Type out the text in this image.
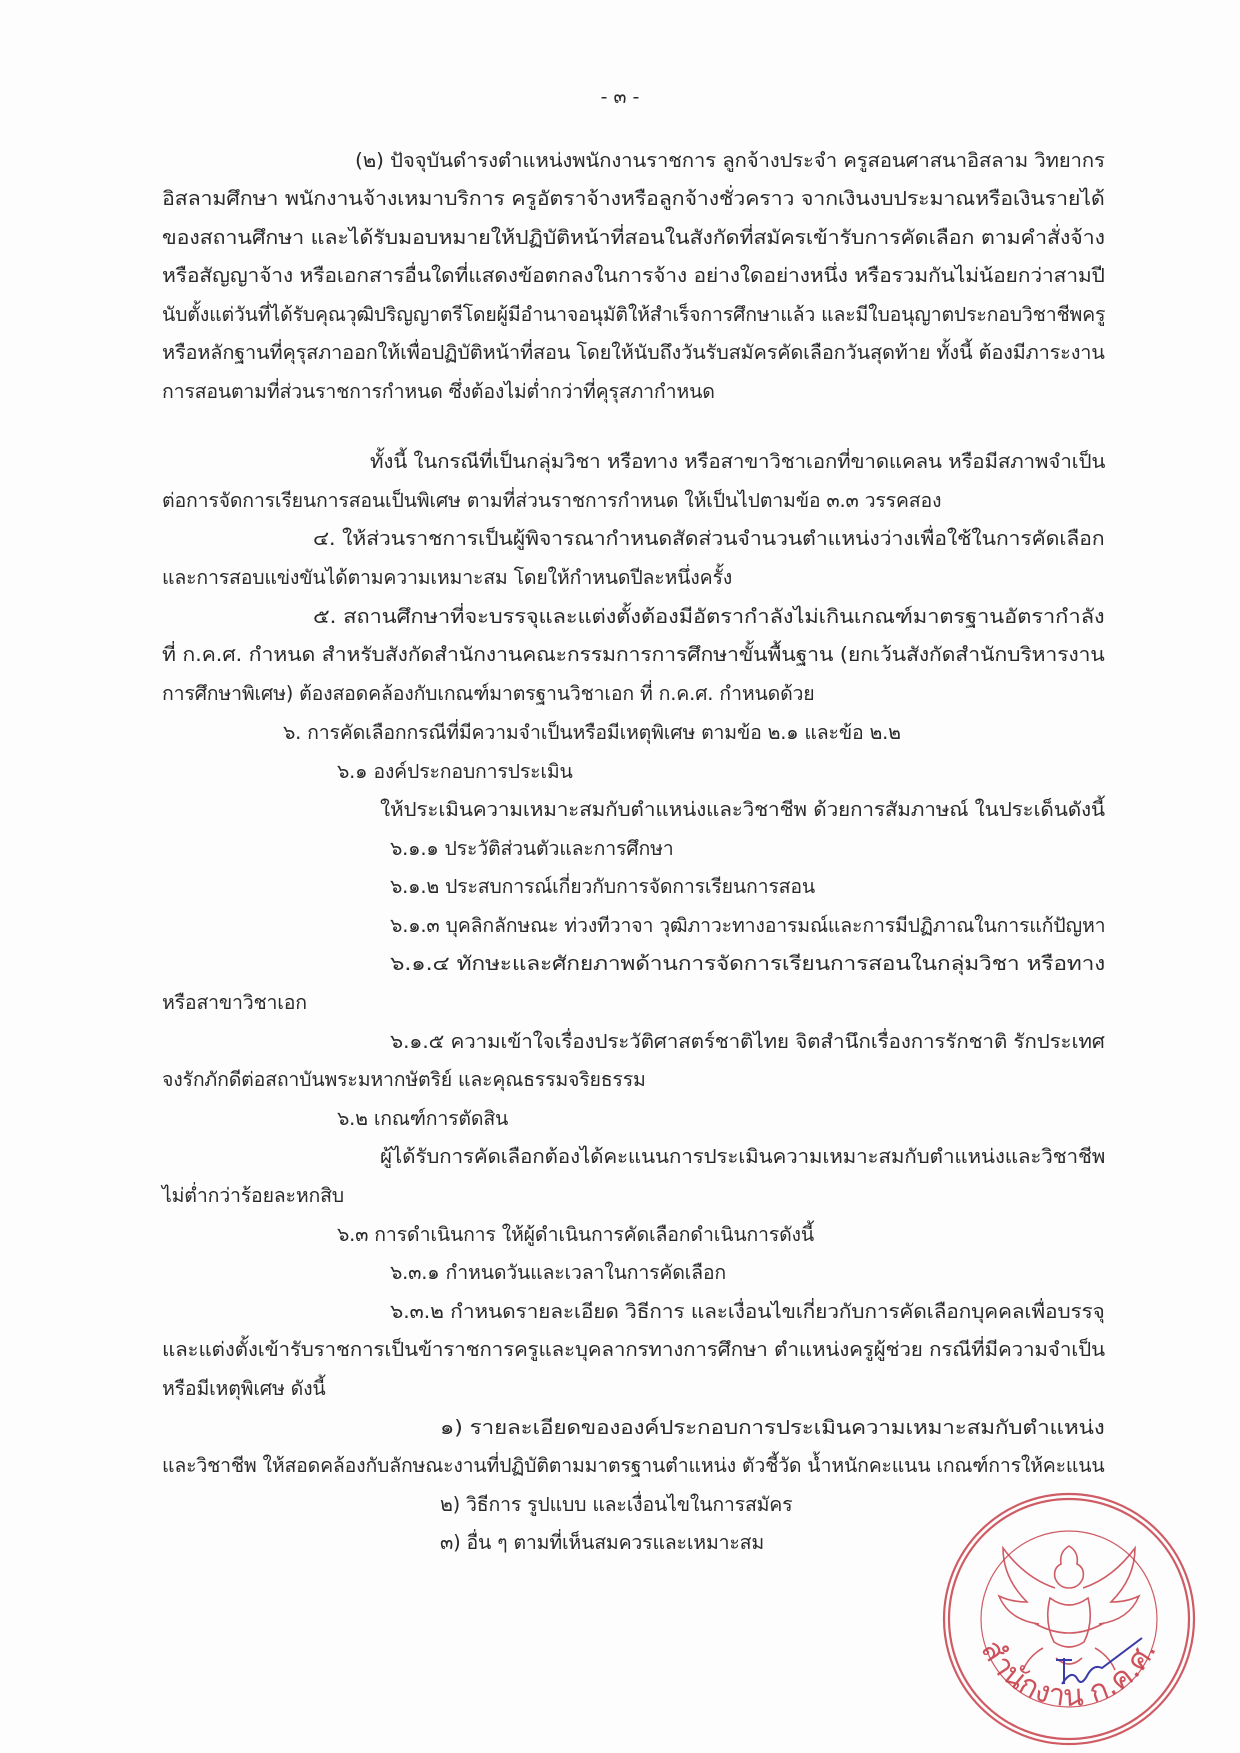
- ๓ -
(๒) ปัจจุบันดำรงตำแหน่งพนักงานราชการ ลูกจ้างประจำ ครูสอนศาสนาอิสลาม วิทยากร
อิสลามศึกษา พนักงานจ้างเหมาบริการ ครูอัตราจ้างหรือลูกจ้างชั่วคราว จากเงินงบประมาณหรือเงินรายได้
ของสถานศึกษา และได้รับมอบหมายให้ปฏิบัติหน้าที่สอนในสังกัดที่สมัครเข้ารับการคัดเลือก ตามคำสั่งจ้าง
หรือสัญญาจ้าง หรือเอกสารอื่นใดที่แสดงข้อตกลงในการจ้าง อย่างใดอย่างหนึ่ง หรือรวมกันไม่น้อยกว่าสามปี
นับตั้งแต่วันที่ได้รับคุณวุฒิปริญญาตรีโดยผู้มีอำนาจอนุมัติให้สำเร็จการศึกษาแล้ว และมีใบอนุญาตประกอบวิชาชีพครู
หรือหลักฐานที่คุรุสภาออกให้เพื่อปฏิบัติหน้าที่สอน โดยให้นับถึงวันรับสมัครคัดเลือกวันสุดท้าย ทั้งนี้ ต้องมีภาระงาน
การสอนตามที่ส่วนราชการกำหนด ซึ่งต้องไม่ต่ำกว่าที่คุรุสภากำหนด
ทั้งนี้ ในกรณีที่เป็นกลุ่มวิชา หรือทาง หรือสาขาวิชาเอกที่ขาดแคลน หรือมีสภาพจำเป็น
ต่อการจัดการเรียนการสอนเป็นพิเศษ ตามที่ส่วนราชการกำหนด ให้เป็นไปตามข้อ ๓.๓ วรรคสอง
๔. ให้ส่วนราชการเป็นผู้พิจารณากำหนดสัดส่วนจำนวนตำแหน่งว่างเพื่อใช้ในการคัดเลือก
และการสอบแข่งขันได้ตามความเหมาะสม โดยให้กำหนดปีละหนึ่งครั้ง
๕. สถานศึกษาที่จะบรรจุและแต่งตั้งต้องมีอัตรากำลังไม่เกินเกณฑ์มาตรฐานอัตรากำลัง
ที่ ก.ค.ศ. กำหนด สำหรับสังกัดสำนักงานคณะกรรมการการศึกษาขั้นพื้นฐาน (ยกเว้นสังกัดสำนักบริหารงาน
การศึกษาพิเศษ) ต้องสอดคล้องกับเกณฑ์มาตรฐานวิชาเอก ที่ ก.ค.ศ. กำหนดด้วย
๖. การคัดเลือกกรณีที่มีความจำเป็นหรือมีเหตุพิเศษ ตามข้อ ๒.๑ และข้อ ๒.๒
๖.๑ องค์ประกอบการประเมิน
ให้ประเมินความเหมาะสมกับตำแหน่งและวิชาชีพ ด้วยการสัมภาษณ์ ในประเด็นดังนี้
๖.๑.๑ ประวัติส่วนตัวและการศึกษา
๖.๑.๒ ประสบการณ์เกี่ยวกับการจัดการเรียนการสอน
๖.๑.๓ บุคลิกลักษณะ ท่วงทีวาจา วุฒิภาวะทางอารมณ์และการมีปฏิภาณในการแก้ปัญหา
๖.๑.๔ ทักษะและศักยภาพด้านการจัดการเรียนการสอนในกลุ่มวิชา หรือทาง
หรือสาขาวิชาเอก
๖.๑.๕ ความเข้าใจเรื่องประวัติศาสตร์ชาติไทย จิตสำนึกเรื่องการรักชาติ รักประเทศ
จงรักภักดีต่อสถาบันพระมหากษัตริย์ และคุณธรรมจริยธรรม
๖.๒ เกณฑ์การตัดสิน
ผู้ได้รับการคัดเลือกต้องได้คะแนนการประเมินความเหมาะสมกับตำแหน่งและวิชาชีพ
ไม่ต่ำกว่าร้อยละหกสิบ
๖.๓ การดำเนินการ ให้ผู้ดำเนินการคัดเลือกดำเนินการดังนี้
๖.๓.๑ กำหนดวันและเวลาในการคัดเลือก
๖.๓.๒ กำหนดรายละเอียด วิธีการ และเงื่อนไขเกี่ยวกับการคัดเลือกบุคคลเพื่อบรรจุ
และแต่งตั้งเข้ารับราชการเป็นข้าราชการครูและบุคลากรทางการศึกษา ตำแหน่งครูผู้ช่วย กรณีที่มีความจำเป็น
หรือมีเหตุพิเศษ ดังนี้
๑) รายละเอียดขององค์ประกอบการประเมินความเหมาะสมกับตำแหน่ง
และวิชาชีพ ให้สอดคล้องกับลักษณะงานที่ปฏิบัติตามมาตรฐานตำแหน่ง ตัวชี้วัด น้ำหนักคะแนน เกณฑ์การให้คะแนน
๒) วิธีการ รูปแบบ และเงื่อนไขในการสมัคร
๓) อื่น ๆ ตามที่เห็นสมควรและเหมาะสม
สำนักงาน ก.ค.ศ.
